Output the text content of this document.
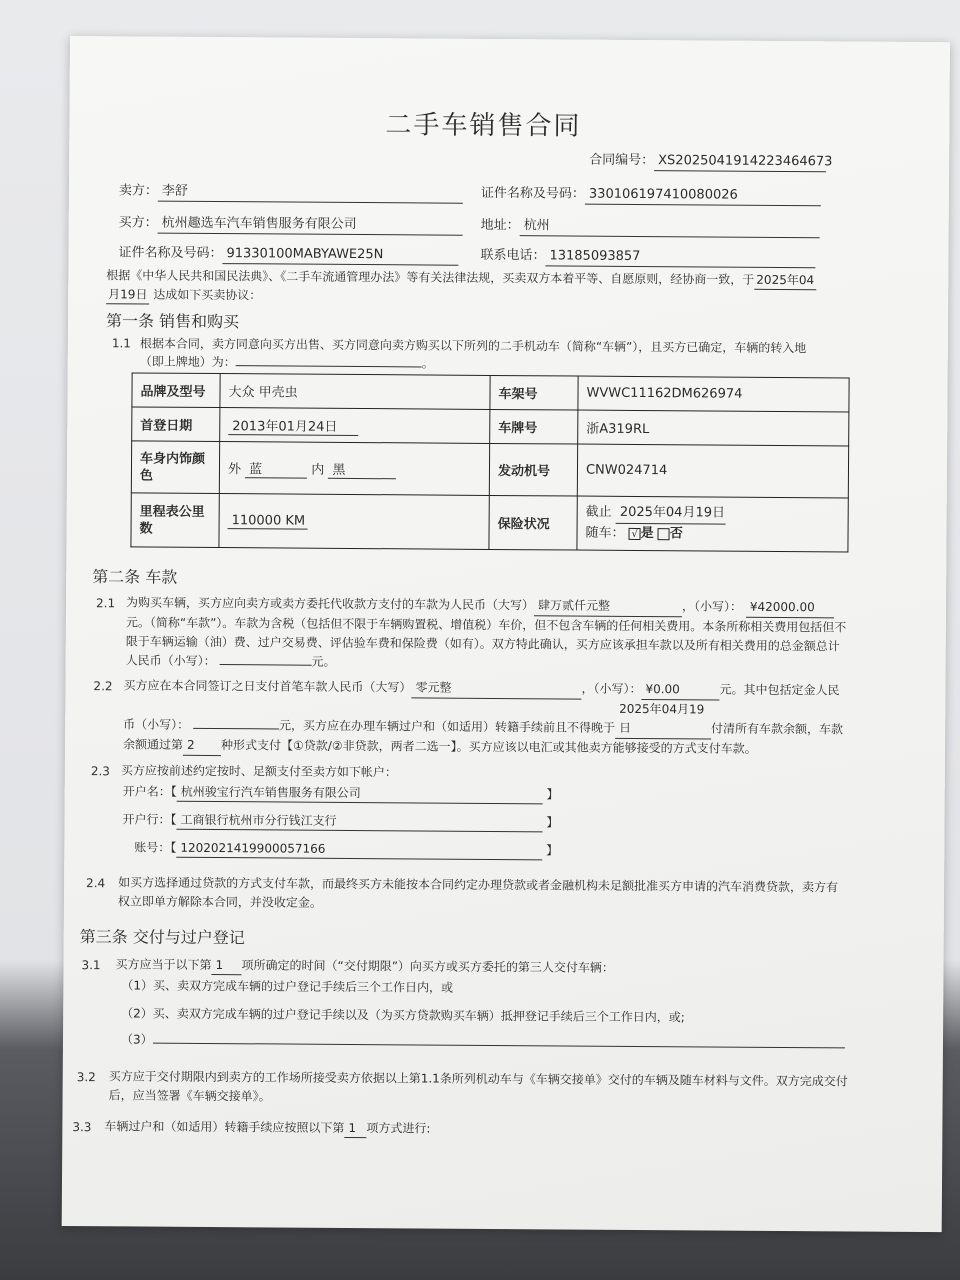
二手车销售合同
合同编号： XS2025041914223464673
卖方： 李舒	证件名称及号码： 330106197410080026
买方： 杭州趣选车汽车销售服务有限公司	地址： 杭州
证件名称及号码： 91330100MABYAWE25N	联系电话： 13185093857
根据《中华人民共和国民法典》、《二手车流通管理办法》等有关法律法规，买卖双方本着平等、自愿原则，经协商一致，于 2025年04
月19日 达成如下买卖协议：
第一条 销售和购买
1.1 根据本合同，卖方同意向买方出售、买方同意向卖方购买以下所列的二手机动车（简称“车辆”），且买方已确定，车辆的转入地
（即上牌地）为：	。
品牌及型号	大众 甲壳虫	车架号	WVWC11162DM626974
首登日期	2013年01月24日	车牌号	浙A319RL
车身内饰颜色	外 蓝 内 黑	发动机号	CNW024714
里程表公里数	110000 KM	保险状况	截止 2025年04月19日
随车： √ 是 否
第二条 车款
2.1 为购买车辆，买方应向卖方或卖方委托代收款方支付的车款为人民币（大写） 肆万贰仟元整	，（小写）： ¥42000.00元。（简称“车款”）。车款为含税（包括但不限于车辆购置税、增值税）车价，但不包含车辆的任何相关费用。本条所称相关费用包括但不限于车辆运输（油）费、过户交易费、评估验车费和保险费（如有）。双方特此确认，买方应该承担车款以及所有相关费用的总金额总计人民币（小写）：	元。
2.2 买方应在本合同签订之日支付首笔车款人民币（大写） 零元整	，（小写）： ¥0.00	元。其中包括定金人民币（小写）：	元，买方应在办理车辆过户和（如适用）转籍手续前且不得晚于2025年04月19日	付清所有车款余额，车款余额通过第 2 种形式支付【①贷款/②非贷款，两者二选一】。买方应该以电汇或其他卖方能够接受的方式支付车款。
2.3 买方应按前述约定按时、足额支付至卖方如下帐户：
开户名：【 杭州骏宝行汽车销售服务有限公司	】
开户行：【 工商银行杭州市分行钱江支行	】
账号：【 1202021419900057166	】
2.4 如买方选择通过贷款的方式支付车款，而最终买方未能按本合同约定办理贷款或者金融机构未足额批准买方申请的汽车消费贷款，卖方有权立即单方解除本合同，并没收定金。
第三条 交付与过户登记
3.1 买方应当于以下第 1 项所确定的时间（“交付期限”）向买方或买方委托的第三人交付车辆：
（1）买、卖双方完成车辆的过户登记手续后三个工作日内，或
（2）买、卖双方完成车辆的过户登记手续以及（为买方贷款购买车辆）抵押登记手续后三个工作日内，或;
（3）
3.2 买方应于交付期限内到卖方的工作场所接受卖方依据以上第1.1条所列机动车与《车辆交接单》交付的车辆及随车材料与文件。双方完成交付后，应当签署《车辆交接单》。
3.3 车辆过户和（如适用）转籍手续应按照以下第 1 项方式进行:
